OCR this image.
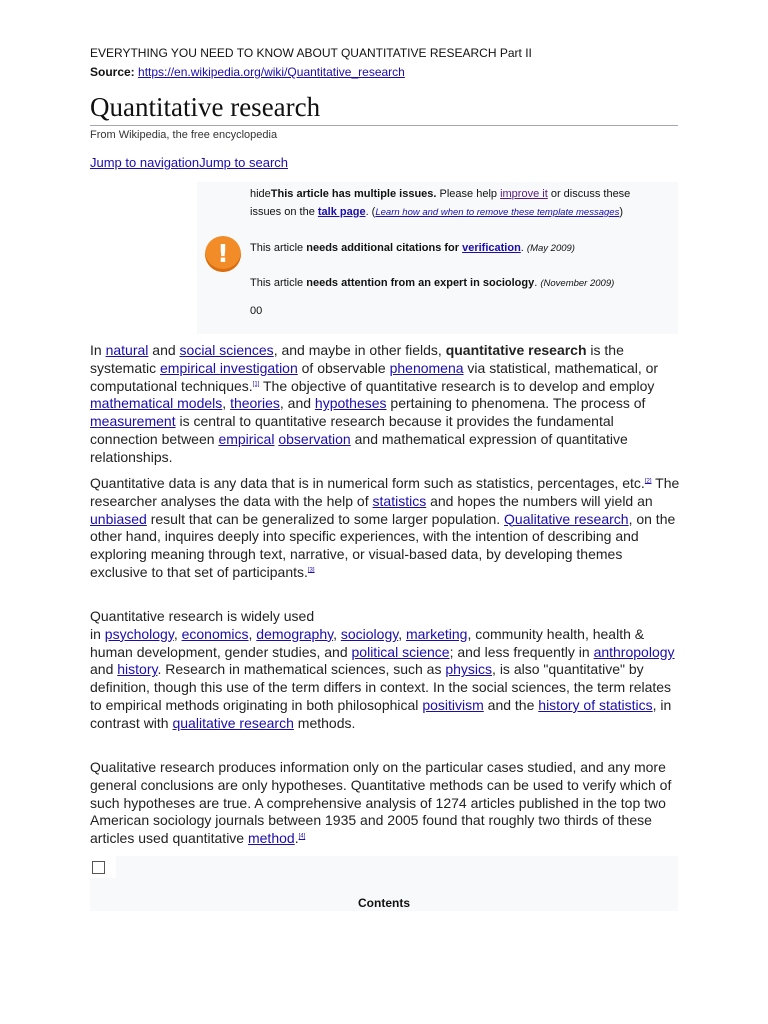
EVERYTHING YOU NEED TO KNOW ABOUT QUANTITATIVE RESEARCH Part II
Source: https://en.wikipedia.org/wiki/Quantitative_research
Quantitative research
From Wikipedia, the free encyclopedia
Jump to navigationJump to search
hideThis article has multiple issues. Please help improve it or discuss these
issues on the talk page. (Learn how and when to remove these template messages)
!	This article needs additional citations for verification. (May 2009)
This article needs attention from an expert in sociology. (November 2009)
00
In natural and social sciences, and maybe in other fields, quantitative research is the systematic empirical investigation of observable phenomena via statistical, mathematical, or computational techniques.[1] The objective of quantitative research is to develop and employ mathematical models, theories, and hypotheses pertaining to phenomena. The process of measurement is central to quantitative research because it provides the fundamental connection between empirical observation and mathematical expression of quantitative relationships.
Quantitative data is any data that is in numerical form such as statistics, percentages, etc.[2] The researcher analyses the data with the help of statistics and hopes the numbers will yield an unbiased result that can be generalized to some larger population. Qualitative research, on the other hand, inquires deeply into specific experiences, with the intention of describing and exploring meaning through text, narrative, or visual-based data, by developing themes exclusive to that set of participants.[3]
Quantitative research is widely used
in psychology, economics, demography, sociology, marketing, community health, health & human development, gender studies, and political science; and less frequently in anthropology and history. Research in mathematical sciences, such as physics, is also "quantitative" by definition, though this use of the term differs in context. In the social sciences, the term relates to empirical methods originating in both philosophical positivism and the history of statistics, in contrast with qualitative research methods.
Qualitative research produces information only on the particular cases studied, and any more general conclusions are only hypotheses. Quantitative methods can be used to verify which of such hypotheses are true. A comprehensive analysis of 1274 articles published in the top two American sociology journals between 1935 and 2005 found that roughly two thirds of these articles used quantitative method.[4]
Contents
